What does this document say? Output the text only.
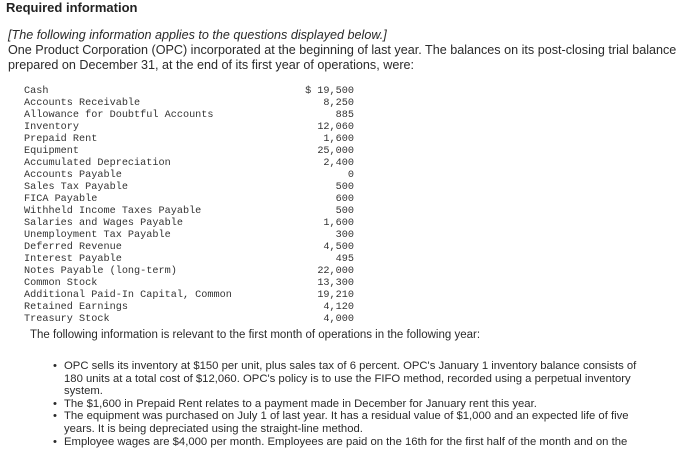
Required information
[The following information applies to the questions displayed below.]
One Product Corporation (OPC) incorporated at the beginning of last year. The balances on its post-closing trial balance
prepared on December 31, at the end of its first year of operations, were:
Cash	$ 19,500
Accounts Receivable	8,250
Allowance for Doubtful Accounts	885
Inventory	12,060
Prepaid Rent	1,600
Equipment	25,000
Accumulated Depreciation	2,400
Accounts Payable	0
Sales Tax Payable	500
FICA Payable	600
Withheld Income Taxes Payable	500
Salaries and Wages Payable	1,600
Unemployment Tax Payable	300
Deferred Revenue	4,500
Interest Payable	495
Notes Payable (long-term)	22,000
Common Stock	13,300
Additional Paid-In Capital, Common	19,210
Retained Earnings	4,120
Treasury Stock	4,000
The following information is relevant to the first month of operations in the following year:
• OPC sells its inventory at $150 per unit, plus sales tax of 6 percent. OPC's January 1 inventory balance consists of
180 units at a total cost of $12,060. OPC's policy is to use the FIFO method, recorded using a perpetual inventory
system.
• The $1,600 in Prepaid Rent relates to a payment made in December for January rent this year.
• The equipment was purchased on July 1 of last year. It has a residual value of $1,000 and an expected life of five
years. It is being depreciated using the straight-line method.
• Employee wages are $4,000 per month. Employees are paid on the 16th for the first half of the month and on the
